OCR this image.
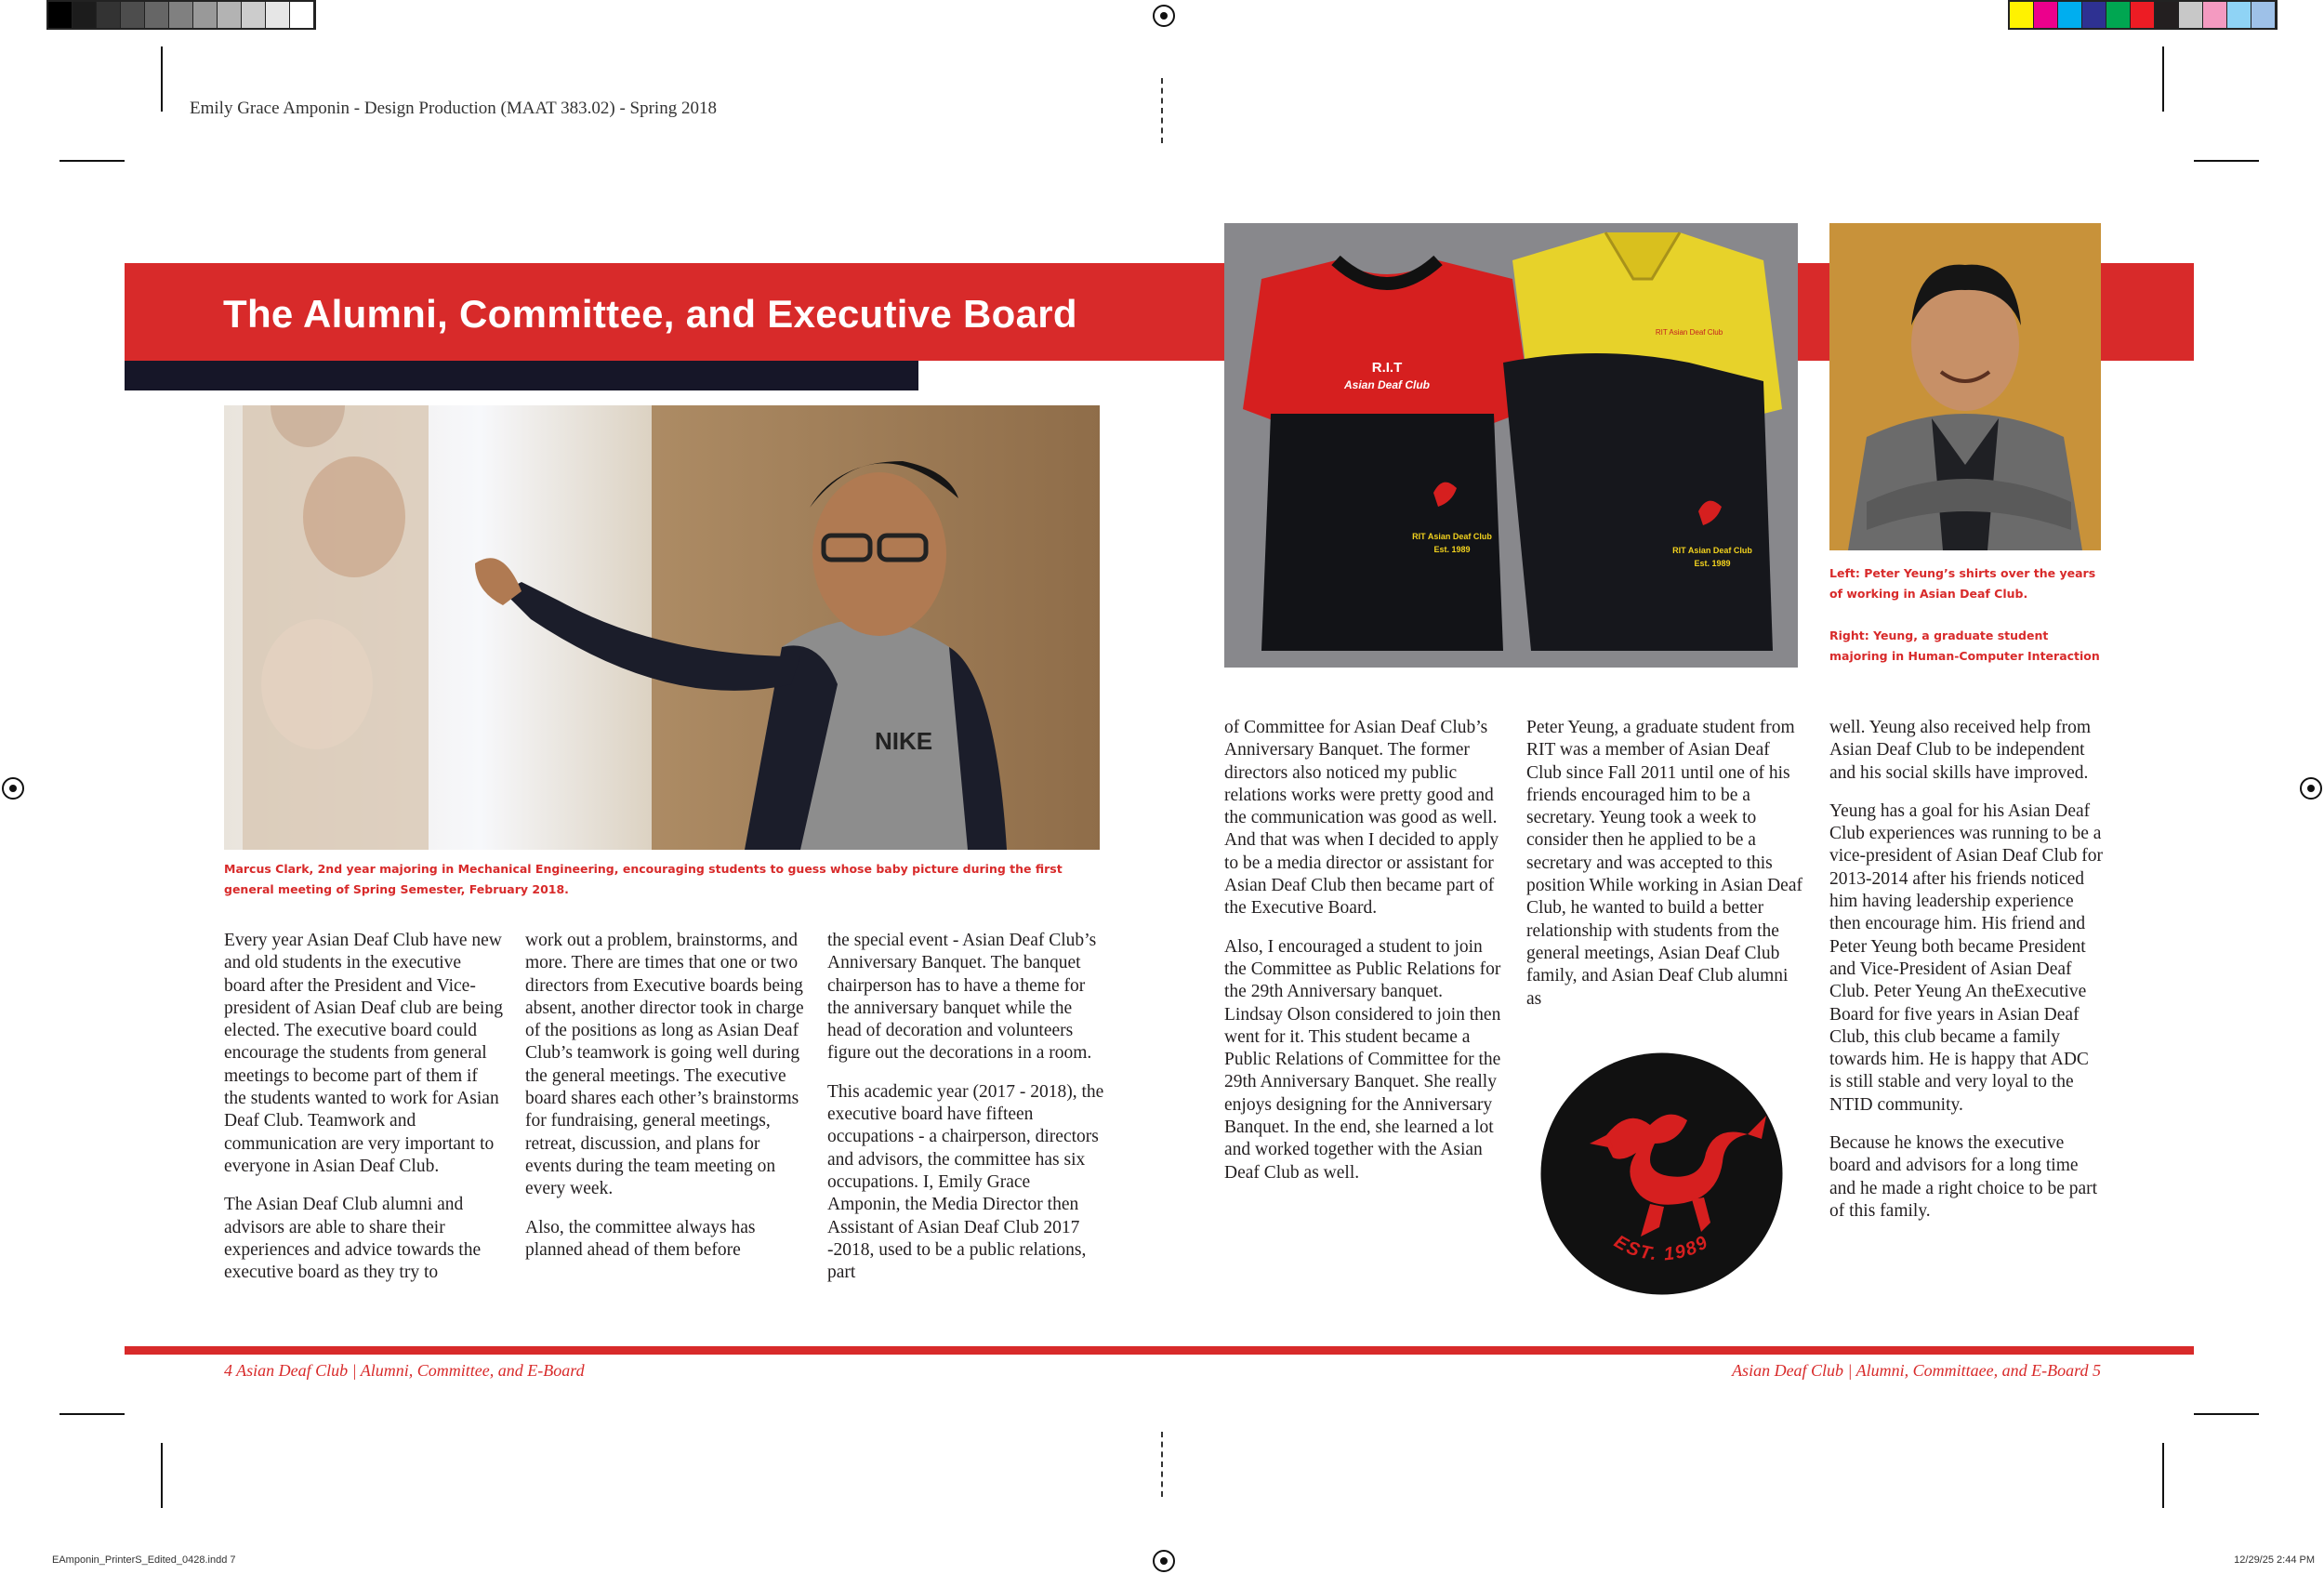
Emily Grace Amponin - Design Production (MAAT 383.02) - Spring 2018
The Alumni, Committee, and Executive Board
NIKE
Marcus Clark, 2nd year majoring in Mechanical Engineering, encouraging students to guess whose baby picture during the first general meeting of Spring Semester, February 2018.
R.I.T
Asian Deaf Club
RIT Asian Deaf Club
RIT Asian Deaf Club
Est. 1989	RIT Asian Deaf Club
Est. 1989
Left: Peter Yeung’s shirts over the years of working in Asian Deaf Club.
Right: Yeung, a graduate student majoring in Human-Computer Interaction

Every year Asian Deaf Club have new and old students in the executive board after the President and Vice-president of Asian Deaf club are being elected. The executive board could encourage the students from general meetings to become part of them if the students wanted to work for Asian Deaf Club. Teamwork and communication are very important to everyone in Asian Deaf Club.

The Asian Deaf Club alumni and advisors are able to share their experiences and advice towards the executive board as they try to

work out a problem, brainstorms, and more. There are times that one or two directors from Executive boards being absent, another director took in charge of the positions as long as Asian Deaf Club’s teamwork is going well during the general meetings. The executive board shares each other’s brainstorms for fundraising, general meetings, retreat, discussion, and plans for events during the team meeting on every week.

Also, the committee always has planned ahead of them before

the special event - Asian Deaf Club’s Anniversary Banquet. The banquet chairperson has to have a theme for the anniversary banquet while the head of decoration and volunteers figure out the decorations in a room.

This academic year (2017 - 2018), the executive board have fifteen occupations - a chairperson, directors and advisors, the committee has six occupations. I, Emily Grace Amponin, the Media Director then Assistant of Asian Deaf Club 2017 -2018, used to be a public relations, part

of Committee for Asian Deaf Club’s Anniversary Banquet. The former directors also noticed my public relations works were pretty good and the communication was good as well. And that was when I decided to apply to be a media director or assistant for Asian Deaf Club then became part of the Executive Board.

Also, I encouraged a student to join the Committee as Public Relations for the 29th Anniversary banquet. Lindsay Olson considered to join then went for it. This student became a Public Relations of Committee for the 29th Anniversary Banquet. She really enjoys designing for the Anniversary Banquet. In the end, she learned a lot and worked together with the Asian Deaf Club as well.

Peter Yeung, a graduate student from RIT was a member of Asian Deaf Club since Fall 2011 until one of his friends encouraged him to be a secretary. Yeung took a week to consider then he applied to be a secretary and was accepted to this position While working in Asian Deaf Club, he wanted to build a better relationship with students from the general meetings, Asian Deaf Club family, and Asian Deaf Club alumni as

well. Yeung also received help from Asian Deaf Club to be independent and his social skills have improved.

Yeung has a goal for his Asian Deaf Club experiences was running to be a vice-president of Asian Deaf Club for 2013-2014 after his friends noticed him having leadership experience then encourage him. His friend and Peter Yeung both became President and Vice-President of Asian Deaf Club. Peter Yeung An theExecutive Board for five years in Asian Deaf Club, this club became a family towards him. He is happy that ADC is still stable and very loyal to the NTID community.

Because he knows the executive board and advisors for a long time and he made a right choice to be part of this family.

EST. 1989
4 Asian Deaf Club | Alumni, Committee, and E-Board	Asian Deaf Club | Alumni, Committaee, and E-Board 5
EAmponin_PrinterS_Edited_0428.indd 7	12/29/25 2:44 PM
